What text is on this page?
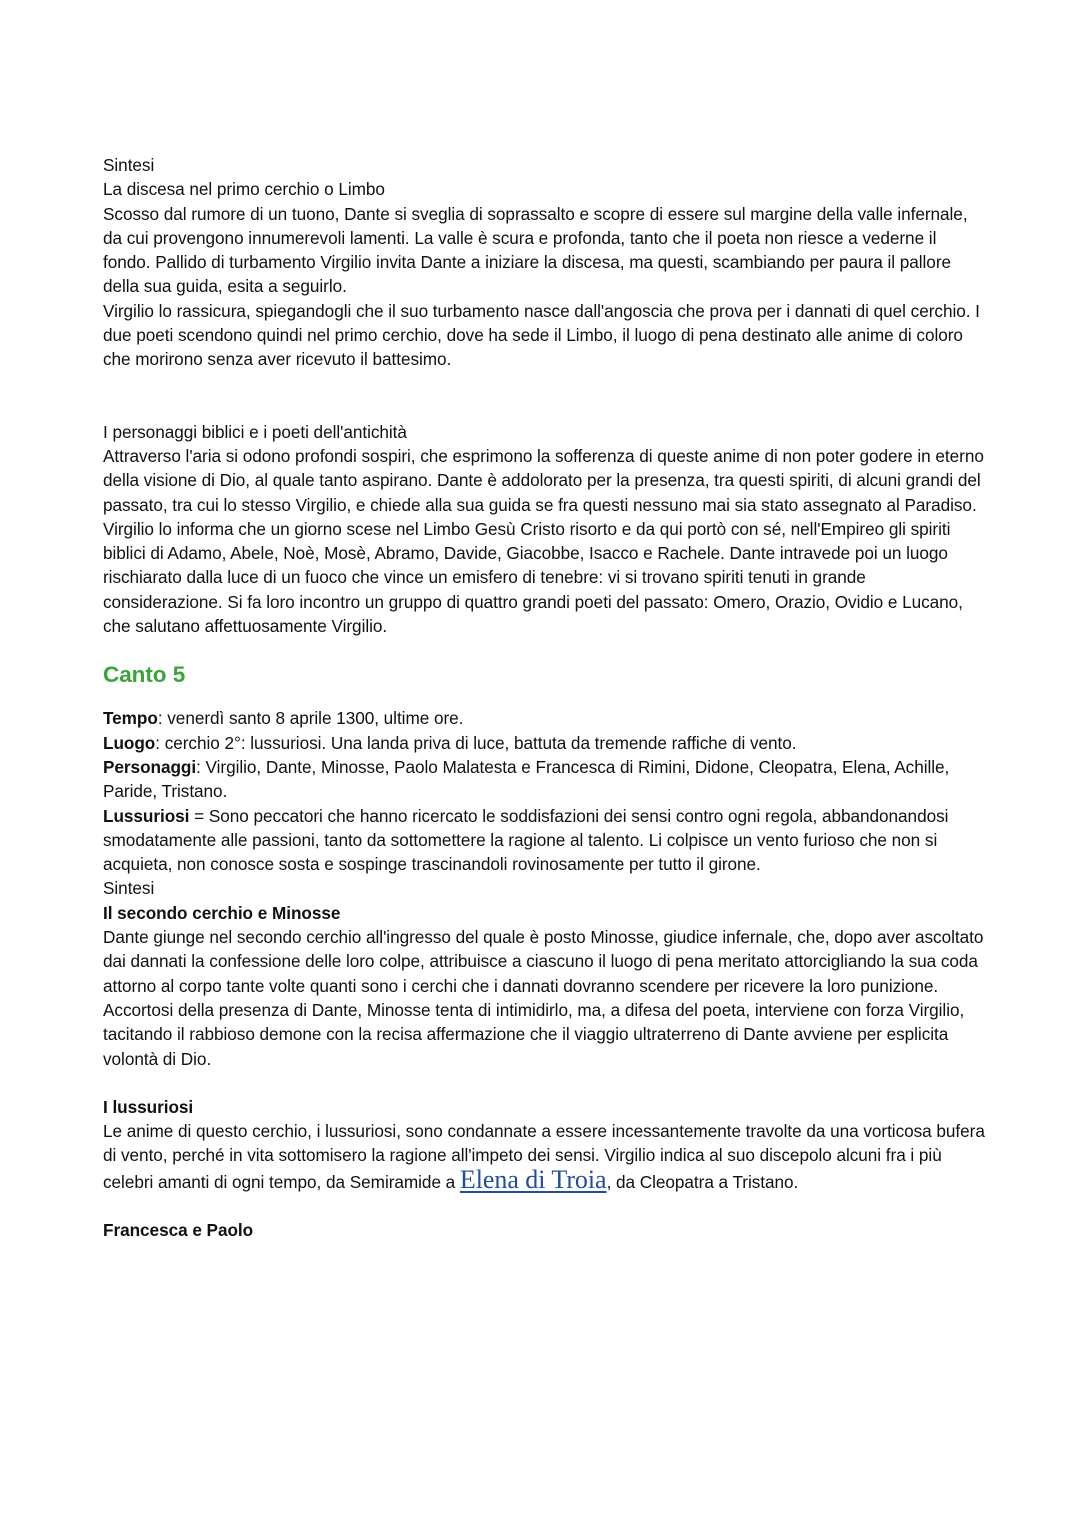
Sintesi

La discesa nel primo cerchio o Limbo

Scosso dal rumore di un tuono, Dante si sveglia di soprassalto e scopre di essere sul margine della valle infernale, da cui provengono innumerevoli lamenti. La valle è scura e profonda, tanto che il poeta non riesce a vederne il fondo. Pallido di turbamento Virgilio invita Dante a iniziare la discesa, ma questi, scambiando per paura il pallore della sua guida, esita a seguirlo.

Virgilio lo rassicura, spiegandogli che il suo turbamento nasce dall'angoscia che prova per i dannati di quel cerchio. I due poeti scendono quindi nel primo cerchio, dove ha sede il Limbo, il luogo di pena destinato alle anime di coloro che morirono senza aver ricevuto il battesimo.

I personaggi biblici e i poeti dell'antichità

Attraverso l'aria si odono profondi sospiri, che esprimono la sofferenza di queste anime di non poter godere in eterno della visione di Dio, al quale tanto aspirano. Dante è addolorato per la presenza, tra questi spiriti, di alcuni grandi del passato, tra cui lo stesso Virgilio, e chiede alla sua guida se fra questi nessuno mai sia stato assegnato al Paradiso. Virgilio lo informa che un giorno scese nel Limbo Gesù Cristo risorto e da qui portò con sé, nell'Empireo gli spiriti biblici di Adamo, Abele, Noè, Mosè, Abramo, Davide, Giacobbe, Isacco e Rachele. Dante intravede poi un luogo rischiarato dalla luce di un fuoco che vince un emisfero di tenebre: vi si trovano spiriti tenuti in grande considerazione. Si fa loro incontro un gruppo di quattro grandi poeti del passato: Omero, Orazio, Ovidio e Lucano, che salutano affettuosamente Virgilio.

Canto 5

Tempo: venerdì santo 8 aprile 1300, ultime ore.

Luogo: cerchio 2°: lussuriosi. Una landa priva di luce, battuta da tremende raffiche di vento.

Personaggi: Virgilio, Dante, Minosse, Paolo Malatesta e Francesca di Rimini, Didone, Cleopatra, Elena, Achille, Paride, Tristano.

Lussuriosi = Sono peccatori che hanno ricercato le soddisfazioni dei sensi contro ogni regola, abbandonandosi smodatamente alle passioni, tanto da sottomettere la ragione al talento. Li colpisce un vento furioso che non si acquieta, non conosce sosta e sospinge trascinandoli rovinosamente per tutto il girone.

Sintesi

Il secondo cerchio e Minosse

Dante giunge nel secondo cerchio all'ingresso del quale è posto Minosse, giudice infernale, che, dopo aver ascoltato dai dannati la confessione delle loro colpe, attribuisce a ciascuno il luogo di pena meritato attorcigliando la sua coda attorno al corpo tante volte quanti sono i cerchi che i dannati dovranno scendere per ricevere la loro punizione. Accortosi della presenza di Dante, Minosse tenta di intimidirlo, ma, a difesa del poeta, interviene con forza Virgilio, tacitando il rabbioso demone con la recisa affermazione che il viaggio ultraterreno di Dante avviene per esplicita volontà di Dio.

I lussuriosi

Le anime di questo cerchio, i lussuriosi, sono condannate a essere incessantemente travolte da una vorticosa bufera di vento, perché in vita sottomisero la ragione all'impeto dei sensi. Virgilio indica al suo discepolo alcuni fra i più celebri amanti di ogni tempo, da Semiramide a Elena di Troia, da Cleopatra a Tristano.

Francesca e Paolo
